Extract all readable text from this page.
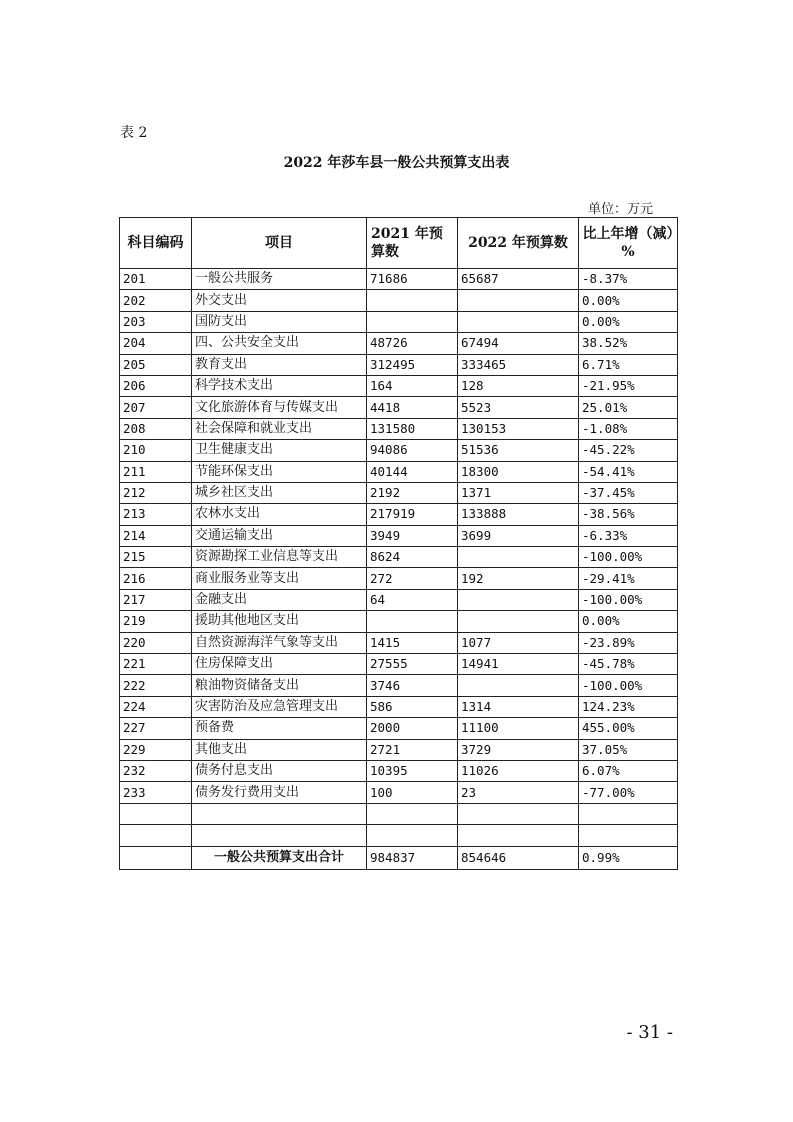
表 2
2022 年莎车县一般公共预算支出表
单位：万元
科目编码	项目	2021 年预算数	2022 年预算数	比上年增（减）%
201	一般公共服务	71686	65687	-8.37%
202	外交支出			0.00%
203	国防支出			0.00%
204	四、公共安全支出	48726	67494	38.52%
205	教育支出	312495	333465	6.71%
206	科学技术支出	164	128	-21.95%
207	文化旅游体育与传媒支出	4418	5523	25.01%
208	社会保障和就业支出	131580	130153	-1.08%
210	卫生健康支出	94086	51536	-45.22%
211	节能环保支出	40144	18300	-54.41%
212	城乡社区支出	2192	1371	-37.45%
213	农林水支出	217919	133888	-38.56%
214	交通运输支出	3949	3699	-6.33%
215	资源勘探工业信息等支出	8624		-100.00%
216	商业服务业等支出	272	192	-29.41%
217	金融支出	64		-100.00%
219	援助其他地区支出			0.00%
220	自然资源海洋气象等支出	1415	1077	-23.89%
221	住房保障支出	27555	14941	-45.78%
222	粮油物资储备支出	3746		-100.00%
224	灾害防治及应急管理支出	586	1314	124.23%
227	预备费	2000	11100	455.00%
229	其他支出	2721	3729	37.05%
232	债务付息支出	10395	11026	6.07%
233	债务发行费用支出	100	23	-77.00%

	一般公共预算支出合计	984837	854646	0.99%
- 31 -
